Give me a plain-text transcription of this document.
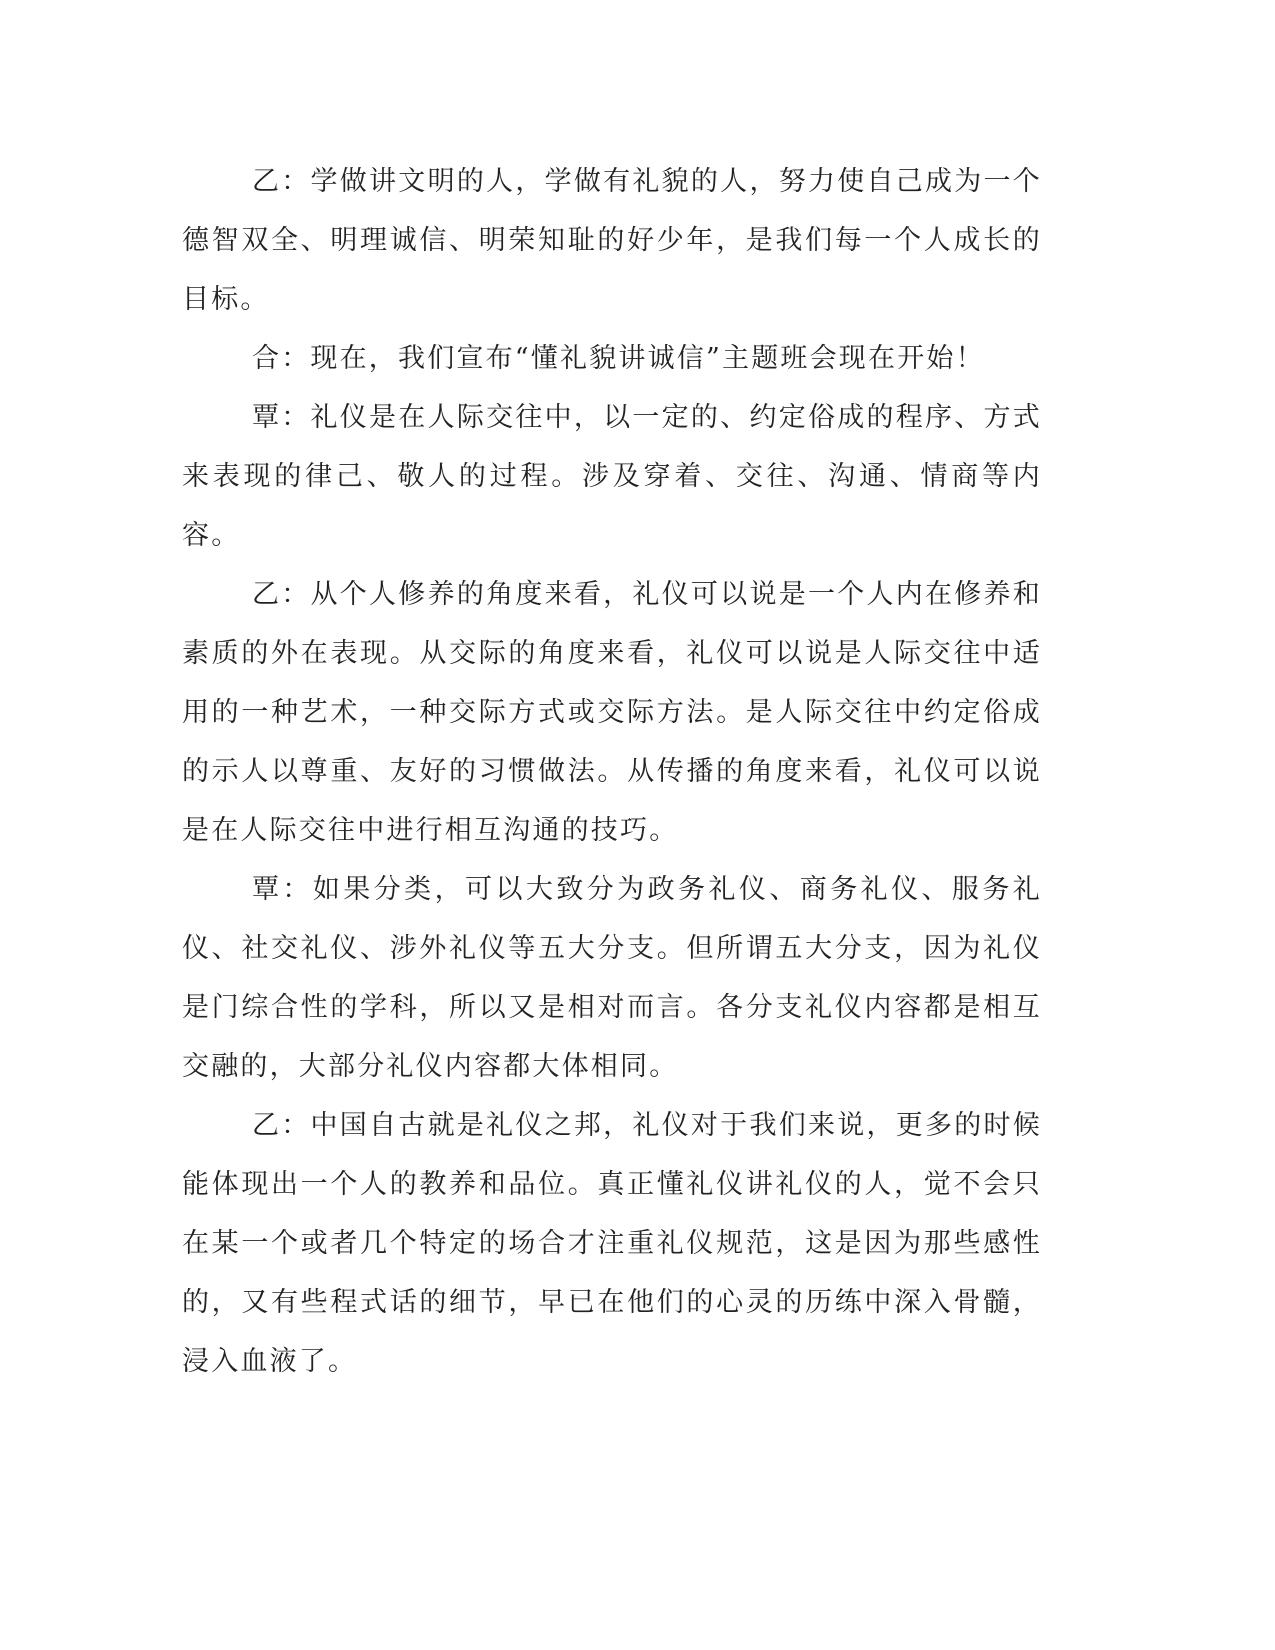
乙：学做讲文明的人，学做有礼貌的人，努力使自己成为一个德智双全、明理诚信、明荣知耻的好少年，是我们每一个人成长的目标。

合：现在，我们宣布“懂礼貌讲诚信”主题班会现在开始！

覃：礼仪是在人际交往中，以一定的、约定俗成的程序、方式来表现的律己、敬人的过程。涉及穿着、交往、沟通、情商等内容。

乙：从个人修养的角度来看，礼仪可以说是一个人内在修养和素质的外在表现。从交际的角度来看，礼仪可以说是人际交往中适用的一种艺术，一种交际方式或交际方法。是人际交往中约定俗成的示人以尊重、友好的习惯做法。从传播的角度来看，礼仪可以说是在人际交往中进行相互沟通的技巧。

覃：如果分类，可以大致分为政务礼仪、商务礼仪、服务礼仪、社交礼仪、涉外礼仪等五大分支。但所谓五大分支，因为礼仪是门综合性的学科，所以又是相对而言。各分支礼仪内容都是相互交融的，大部分礼仪内容都大体相同。

乙：中国自古就是礼仪之邦，礼仪对于我们来说，更多的时候能体现出一个人的教养和品位。真正懂礼仪讲礼仪的人，觉不会只在某一个或者几个特定的场合才注重礼仪规范，这是因为那些感性的，又有些程式话的细节，早已在他们的心灵的历练中深入骨髓，浸入血液了。
